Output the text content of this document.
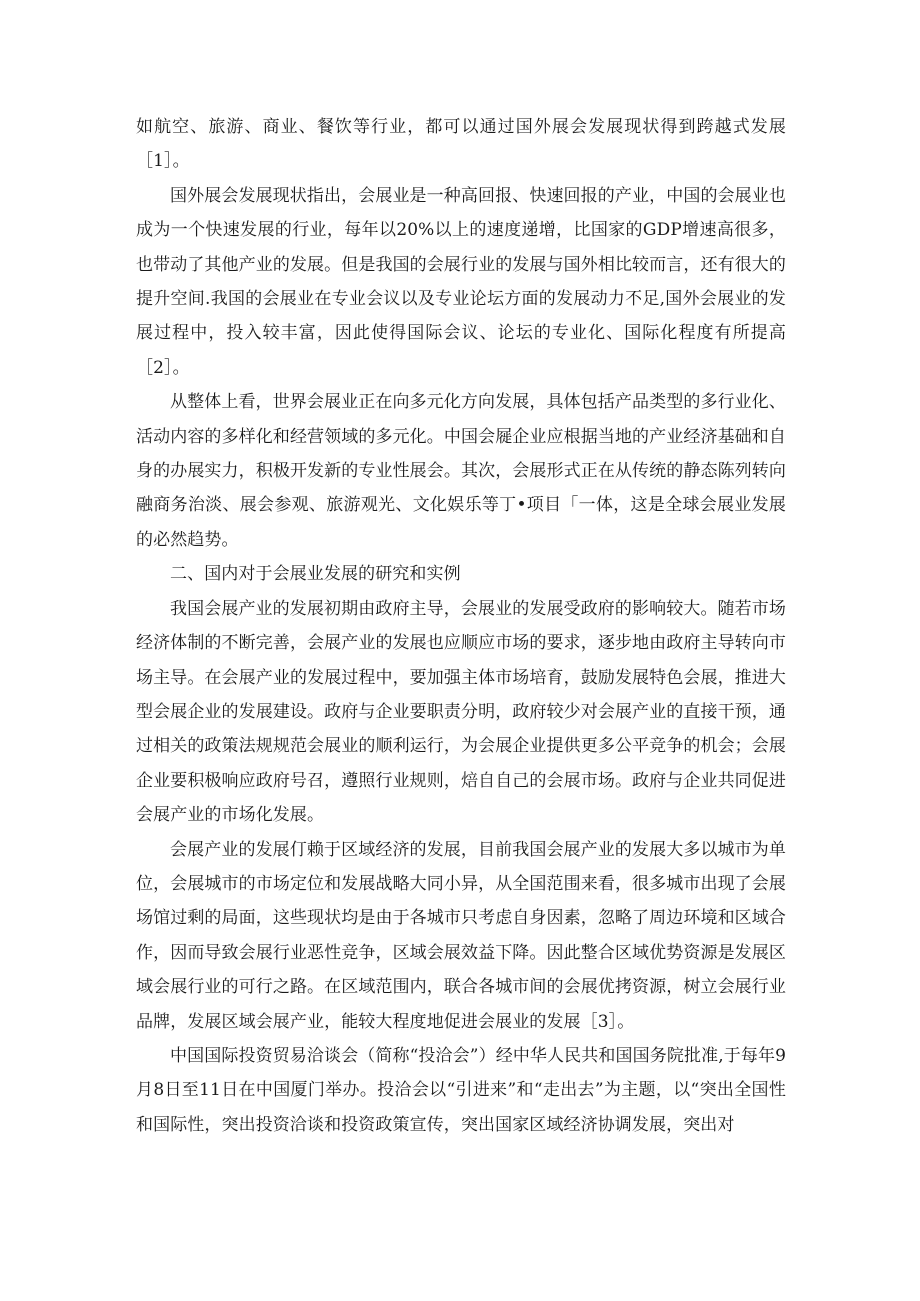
如航空、旅游、商业、餐饮等行业，都可以通过国外展会发展现状得到跨越式发展［1］。

国外展会发展现状指出，会展业是一种高回报、快速回报的产业，中国的会展业也成为一个快速发展的行业，每年以20%以上的速度递增，比国家的GDP增速高很多，也带动了其他产业的发展。但是我国的会展行业的发展与国外相比较而言，还有很大的提升空间.我国的会展业在专业会议以及专业论坛方面的发展动力不足,国外会展业的发展过程中，投入较丰富，因此使得国际会议、论坛的专业化、国际化程度有所提高［2］。

从整体上看，世界会展业正在向多元化方向发展，具体包括产品类型的多行业化、活动内容的多样化和经营领域的多元化。中国会屣企业应根据当地的产业经济基础和自身的办展实力，积极开发新的专业性展会。其次，会展形式正在从传统的静态陈列转向融商务治淡、展会参观、旅游观光、文化娱乐等丁•项目「一体，这是全球会展业发展的必然趋势。

二、国内对于会展业发展的研究和实例

我国会展产业的发展初期由政府主导，会展业的发展受政府的影响较大。随若市场经济体制的不断完善，会展产业的发展也应顺应市场的要求，逐步地由政府主导转向市场主导。在会展产业的发展过程中，要加强主体市场培育，鼓励发展特色会展，推进大型会展企业的发展建设。政府与企业要职责分明，政府较少对会展产业的直接干预，通过相关的政策法规规范会展业的顺利运行，为会展企业提供更多公平竞争的机会；会展企业要积极响应政府号召，遵照行业规则，焙自自己的会展市场。政府与企业共同促进会展产业的市场化发展。

会展产业的发展仃赖于区域经济的发展，目前我国会展产业的发展大多以城市为单位，会展城市的市场定位和发展战略大同小异，从全国范围来看，很多城市出现了会展场馆过剩的局面，这些现状均是由于各城市只考虑自身因素，忽略了周边环境和区域合作，因而导致会展行业恶性竞争，区域会展效益下降。因此整合区域优势资源是发展区域会展行业的可行之路。在区域范围内，联合各城市间的会展优拷资源，树立会展行业品牌，发展区域会展产业，能较大程度地促进会展业的发展［3］。

中国国际投资贸易洽谈会（简称“投洽会”）经中华人民共和国国务院批准,于每年9月8日至11日在中国厦门举办。投洽会以“引进来”和“走出去”为主题，以“突出全国性和国际性，突出投资洽谈和投资政策宣传，突出国家区域经济协调发展，突出对
